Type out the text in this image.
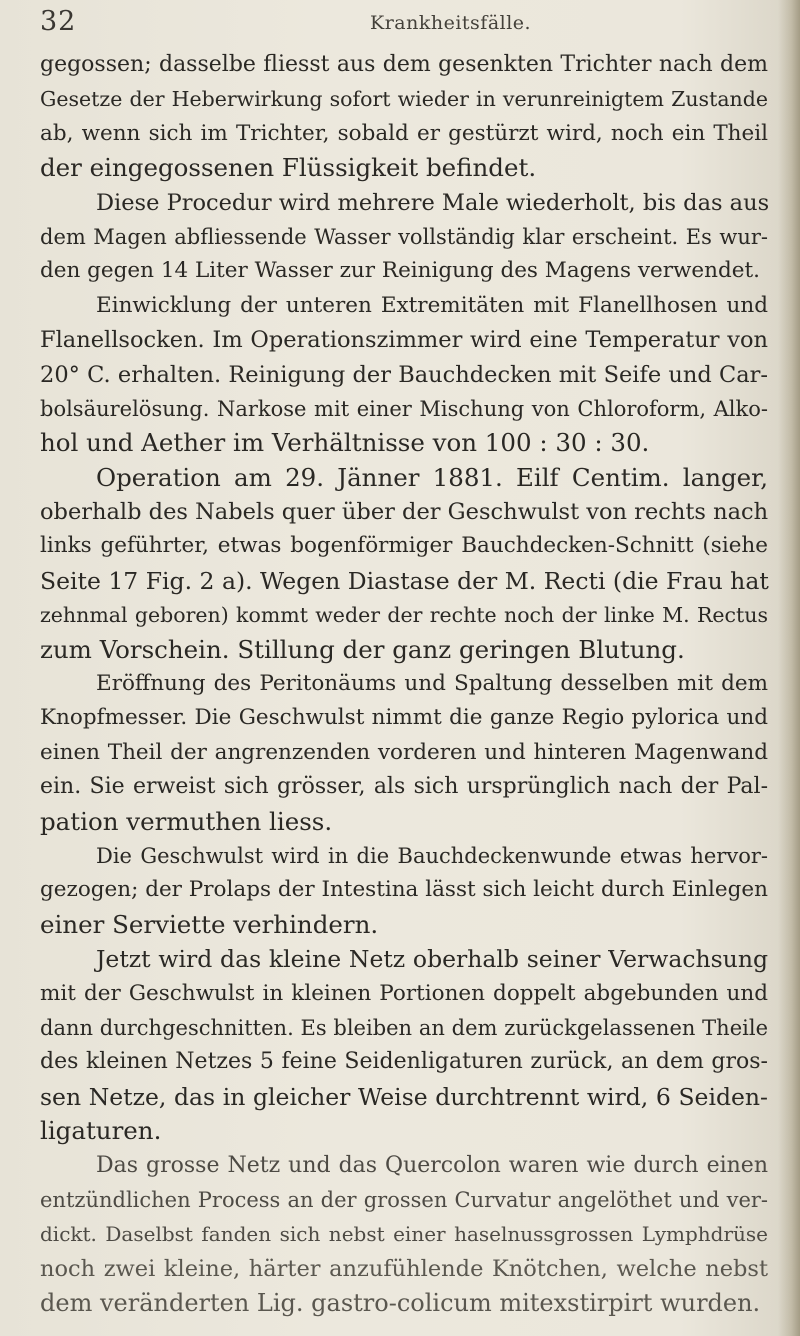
32	Krankheitsfälle.
gegossen; dasselbe fliesst aus dem gesenkten Trichter nach dem
Gesetze der Heberwirkung sofort wieder in verunreinigtem Zustande
ab, wenn sich im Trichter, sobald er gestürzt wird, noch ein Theil
der eingegossenen Flüssigkeit befindet.
Diese Procedur wird mehrere Male wiederholt, bis das aus
dem Magen abfliessende Wasser vollständig klar erscheint. Es wur-
den gegen 14 Liter Wasser zur Reinigung des Magens verwendet.
Einwicklung der unteren Extremitäten mit Flanellhosen und
Flanellsocken. Im Operationszimmer wird eine Temperatur von
20° C. erhalten. Reinigung der Bauchdecken mit Seife und Car-
bolsäurelösung. Narkose mit einer Mischung von Chloroform, Alko-
hol und Aether im Verhältnisse von 100 : 30 : 30.
Operation am 29. Jänner 1881. Eilf Centim. langer,
oberhalb des Nabels quer über der Geschwulst von rechts nach
links geführter, etwas bogenförmiger Bauchdecken-Schnitt (siehe
Seite 17 Fig. 2 a). Wegen Diastase der M. Recti (die Frau hat
zehnmal geboren) kommt weder der rechte noch der linke M. Rectus
zum Vorschein. Stillung der ganz geringen Blutung.
Eröffnung des Peritonäums und Spaltung desselben mit dem
Knopfmesser. Die Geschwulst nimmt die ganze Regio pylorica und
einen Theil der angrenzenden vorderen und hinteren Magenwand
ein. Sie erweist sich grösser, als sich ursprünglich nach der Pal-
pation vermuthen liess.
Die Geschwulst wird in die Bauchdeckenwunde etwas hervor-
gezogen; der Prolaps der Intestina lässt sich leicht durch Einlegen
einer Serviette verhindern.
Jetzt wird das kleine Netz oberhalb seiner Verwachsung
mit der Geschwulst in kleinen Portionen doppelt abgebunden und
dann durchgeschnitten. Es bleiben an dem zurückgelassenen Theile
des kleinen Netzes 5 feine Seidenligaturen zurück, an dem gros-
sen Netze, das in gleicher Weise durchtrennt wird, 6 Seiden-
ligaturen.
Das grosse Netz und das Quercolon waren wie durch einen
entzündlichen Process an der grossen Curvatur angelöthet und ver-
dickt. Daselbst fanden sich nebst einer haselnussgrossen Lymphdrüse
noch zwei kleine, härter anzufühlende Knötchen, welche nebst
dem veränderten Lig. gastro-colicum mitexstirpirt wurden.
